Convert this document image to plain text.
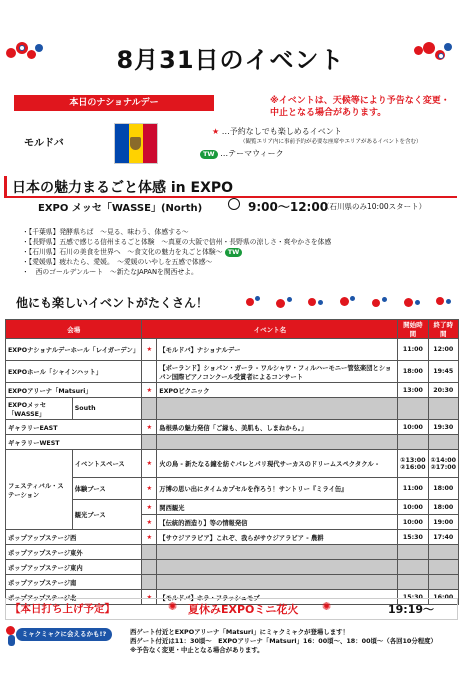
8月31日のイベント
本日のナショナルデー	※イベントは、天候等により予告なく変更・中止となる場合があります。
モルドバ
★ …予約なしでも楽しめるイベント
（観覧エリア内に事前予約が必要な座席やエリアがあるイベントを含む）
TW …テーマウィーク
日本の魅力まるごと体感 in EXPO
EXPO メッセ「WASSE」(North)	9:00〜12:00
（石川県のみ10:00スタート）
・ 【千葉県】発酵県ちば　〜見る、味わう、体感する〜
・ 【長野県】五感で感じる信州まるごと体験　〜真夏の大阪で信州・長野県の涼しさ・爽やかさを体感
・ 【石川県】石川の美食を世界へ　〜食文化の魅力を丸ごと体験〜 TW
・ 【愛媛県】疲れたら、愛媛。　〜愛媛のいやしを五感で体感〜
・ 　西のゴールデンルート　〜新たなJAPANを関西せよ。
他にも楽しいイベントがたくさん！
会場		イベント名		開始時間	終了時間
EXPOナショナルデーホール「レイガーデン」		★	【モルドバ】ナショナルデー	11:00	12:00
EXPOホール「シャインハット」			【ポーランド】ショパン・ガーラ - ワルシャワ・フィルハーモニー管弦楽団とショパン国際ピアノコンクール受賞者によるコンサート	18:00	19:45
EXPOアリーナ「Matsuri」		★	EXPOピクニック	13:00	20:30
EXPOメッセ「WASSE」	South				
ギャラリーEAST		★	島根県の魅力発信「ご縁も、美肌も、しまねから。」	10:00	19:30
ギャラリーWEST					
フェスティバル・ステーション	イベントスペース	★	火の鳥 - 新たなる鐘を紡ぐパレとパリ現代サーカスのドリームスペクタクル -	①13:00 ②16:00	①14:00 ②17:00
	体験ブース	★	万博の思い出にタイムカプセルを作ろう！サントリー『ミライ缶』	11:00	18:00
	観光ブース	★	関西観光	10:00	18:00
		★	【伝統的酒造り】等の情報発信	10:00	19:00
ポップアップステージ西		★	【サウジアラビア】これぞ、我らがサウジアラビア - 農耕	15:30	17:40
ポップアップステージ東外					
ポップアップステージ東内					
ポップアップステージ南					
ポップアップステージ北		★	【モルドバ】ホラ・フラッシュモブ	15:30	16:00
【本日打ち上げ予定】	✺ 夏休みEXPOミニ花火 ✺	19:19〜
ミャクミャクに会えるかも!?	西ゲート付近とEXPOアリーナ「Matsuri」にミャクミャクが登場します！
西ゲート付近は11：30頃〜　EXPOアリーナ「Matsuri」16：00頃〜、18：00頃〜（各回10分程度）
※予告なく変更・中止となる場合があります。
